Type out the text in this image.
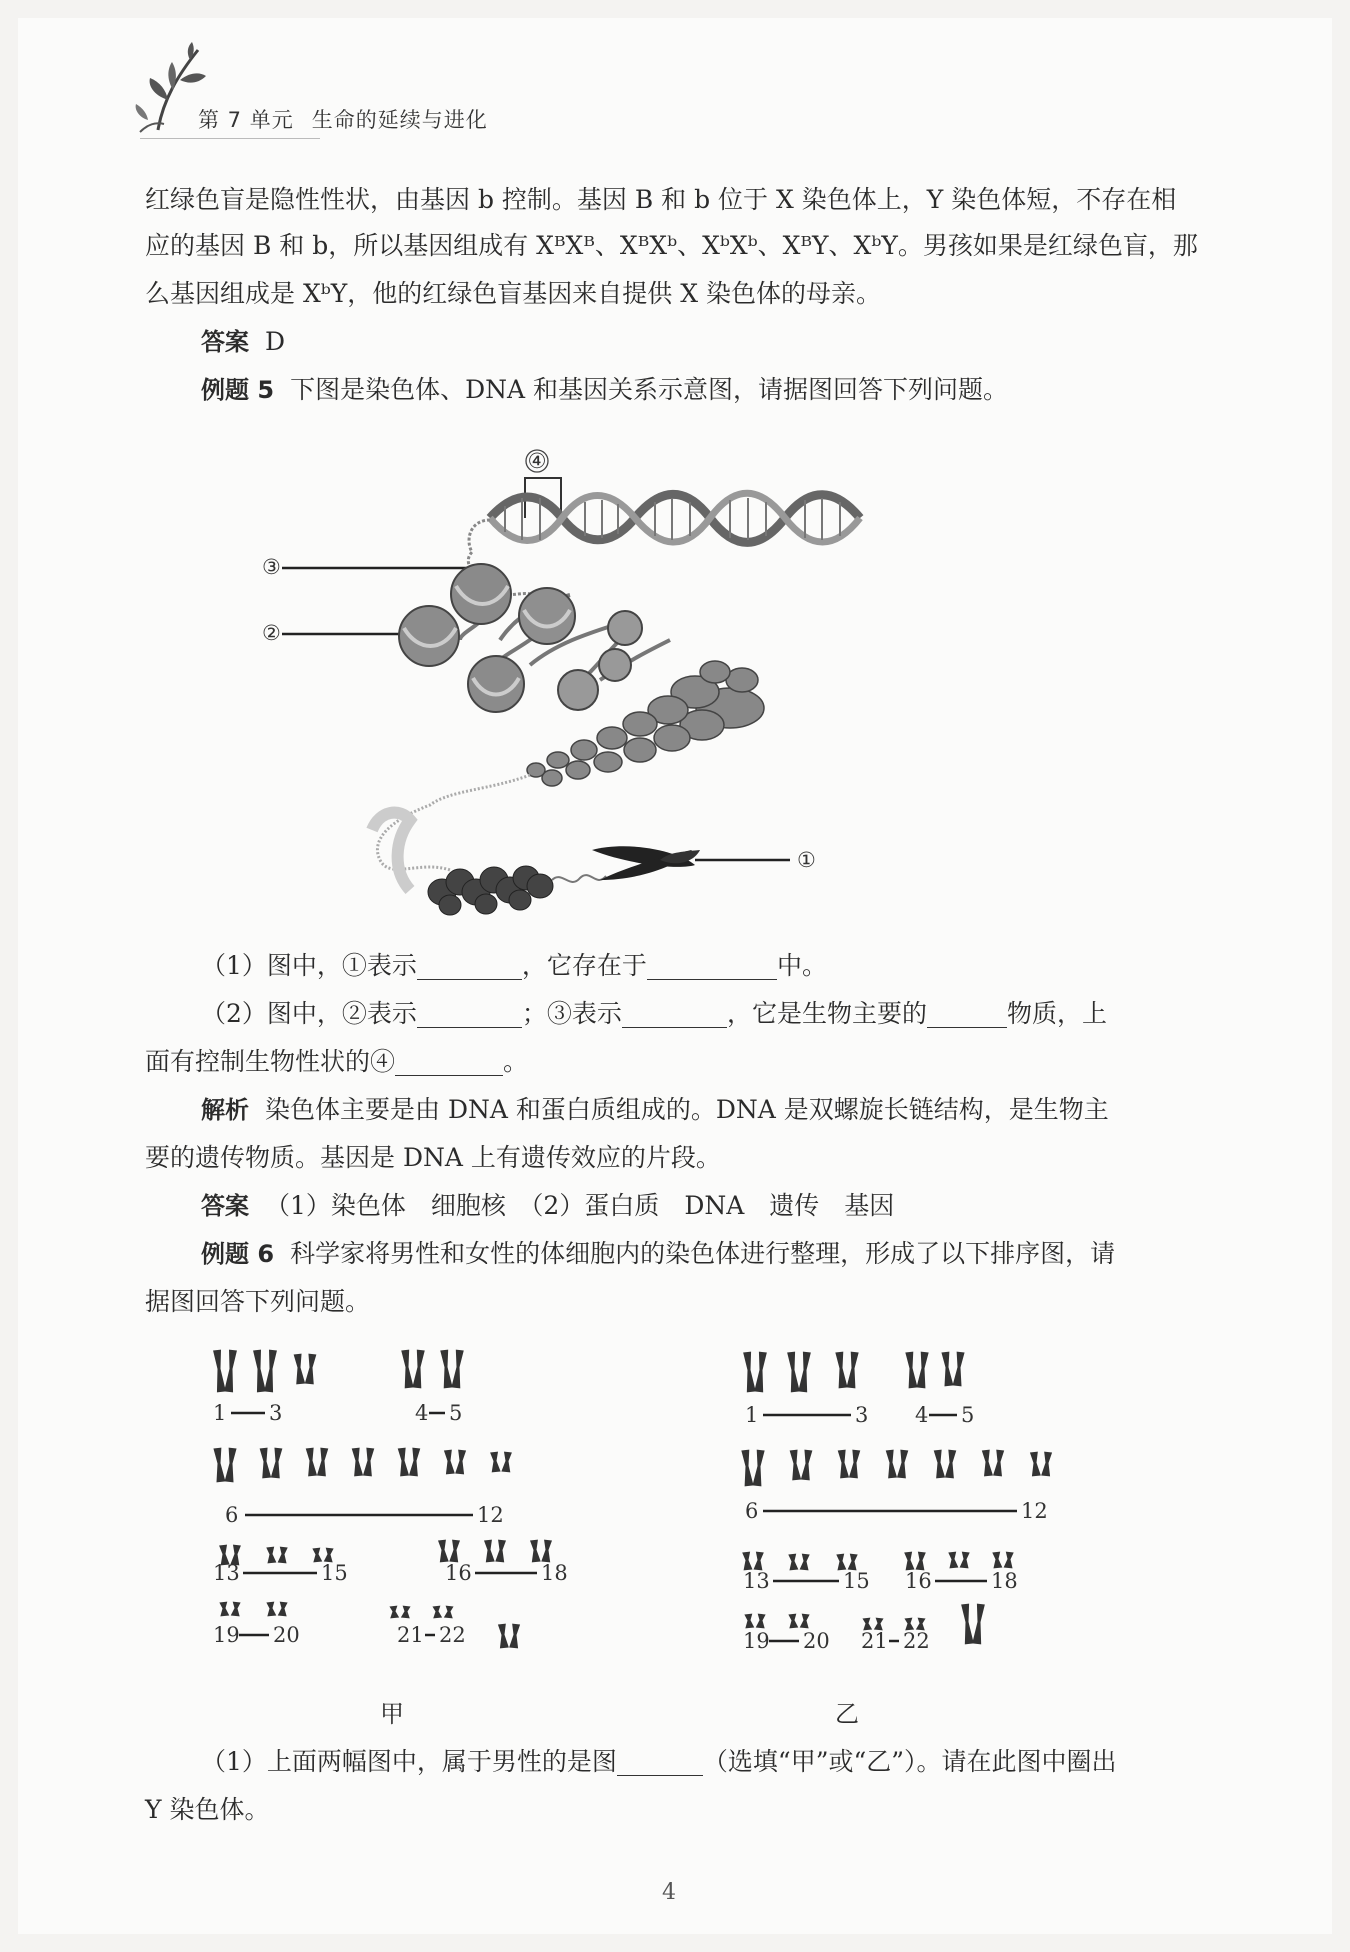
第 7 单元 生命的延续与进化
红绿色盲是隐性性状，由基因 b 控制。基因 B 和 b 位于 X 染色体上，Y 染色体短，不存在相
应的基因 B 和 b，所以基因组成有 XᴮXᴮ、XᴮXᵇ、XᵇXᵇ、XᴮY、XᵇY。男孩如果是红绿色盲，那
么基因组成是 XᵇY，他的红绿色盲基因来自提供 X 染色体的母亲。
答案 D
例题 5 下图是染色体、DNA 和基因关系示意图，请据图回答下列问题。
④
③
②
①
（1）图中，①表示	，它存在于	中。
（2）图中，②表示	；③表示	，它是生物主要的	物质，上
面有控制生物性状的④	。
解析 染色体主要是由 DNA 和蛋白质组成的。DNA 是双螺旋长链结构，是生物主
要的遗传物质。基因是 DNA 上有遗传效应的片段。
答案 （1）染色体　细胞核　（2）蛋白质　DNA　遗传　基因
例题 6 科学家将男性和女性的体细胞内的染色体进行整理，形成了以下排序图，请
据图回答下列问题。
1 3	4 5
6	12
13	15	16	18
19 20	21 22
1	3 4 5
6	12
13	15 16	18
19 20 21 22
甲	乙
（1）上面两幅图中，属于男性的是图	（选填“甲”或“乙”）。请在此图中圈出
Y 染色体。
4
